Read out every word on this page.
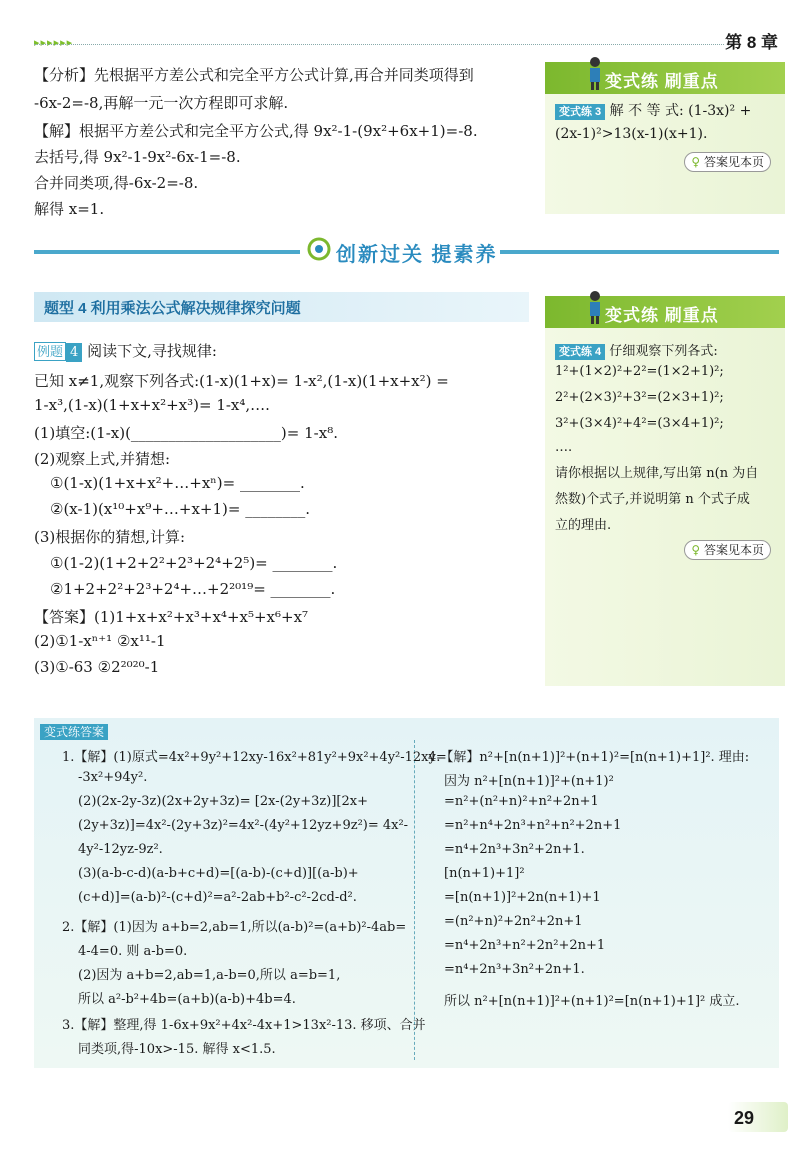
▸▸▸▸▸▸	第 8 章
【分析】先根据平方差公式和完全平方公式计算,再合并同类项得到
-6x-2=-8,再解一元一次方程即可求解.
【解】根据平方差公式和完全平方公式,得 9x²-1-(9x²+6x+1)=-8.
去括号,得 9x²-1-9x²-6x-1=-8.
合并同类项,得-6x-2=-8.
解得 x=1.
变式练 刷重点
变式练 3 解 不 等 式: (1-3x)² +
(2x-1)²>13(x-1)(x+1).
♀ 答案见本页
创新过关 提素养
题型 4 利用乘法公式解决规律探究问题
例题 4 阅读下文,寻找规律:
已知 x≠1,观察下列各式:(1-x)(1+x)= 1-x²,(1-x)(1+x+x²) =
1-x³,(1-x)(1+x+x²+x³)= 1-x⁴,….
(1)填空:(1-x)(____________________)= 1-x⁸.
(2)观察上式,并猜想:
①(1-x)(1+x+x²+…+xⁿ)= ________.
②(x-1)(x¹⁰+x⁹+…+x+1)= ________.
(3)根据你的猜想,计算:
①(1-2)(1+2+2²+2³+2⁴+2⁵)= ________.
②1+2+2²+2³+2⁴+…+2²⁰¹⁹= ________.
【答案】(1)1+x+x²+x³+x⁴+x⁵+x⁶+x⁷
(2)①1-xⁿ⁺¹ ②x¹¹-1
(3)①-63 ②2²⁰²⁰-1
变式练 刷重点
变式练 4 仔细观察下列各式:
1²+(1×2)²+2²=(1×2+1)²;
2²+(2×3)²+3²=(2×3+1)²;
3²+(3×4)²+4²=(3×4+1)²;
….
请你根据以上规律,写出第 n(n 为自
然数)个式子,并说明第 n 个式子成
立的理由.
♀ 答案见本页
变式练答案
1.【解】(1)原式=4x²+9y²+12xy-16x²+81y²+9x²+4y²-12xy=
-3x²+94y².
(2)(2x-2y-3z)(2x+2y+3z)= [2x-(2y+3z)][2x+
(2y+3z)]=4x²-(2y+3z)²=4x²-(4y²+12yz+9z²)= 4x²-
4y²-12yz-9z².
(3)(a-b-c-d)(a-b+c+d)=[(a-b)-(c+d)][(a-b)+
(c+d)]=(a-b)²-(c+d)²=a²-2ab+b²-c²-2cd-d².
2.【解】(1)因为 a+b=2,ab=1,所以(a-b)²=(a+b)²-4ab=
4-4=0. 则 a-b=0.
(2)因为 a+b=2,ab=1,a-b=0,所以 a=b=1,
所以 a²-b²+4b=(a+b)(a-b)+4b=4.
3.【解】整理,得 1-6x+9x²+4x²-4x+1>13x²-13. 移项、合并
同类项,得-10x>-15. 解得 x<1.5.
4.【解】n²+[n(n+1)]²+(n+1)²=[n(n+1)+1]². 理由:
因为 n²+[n(n+1)]²+(n+1)²
=n²+(n²+n)²+n²+2n+1
=n²+n⁴+2n³+n²+n²+2n+1
=n⁴+2n³+3n²+2n+1.
[n(n+1)+1]²
=[n(n+1)]²+2n(n+1)+1
=(n²+n)²+2n²+2n+1
=n⁴+2n³+n²+2n²+2n+1
=n⁴+2n³+3n²+2n+1.
所以 n²+[n(n+1)]²+(n+1)²=[n(n+1)+1]² 成立.
29
